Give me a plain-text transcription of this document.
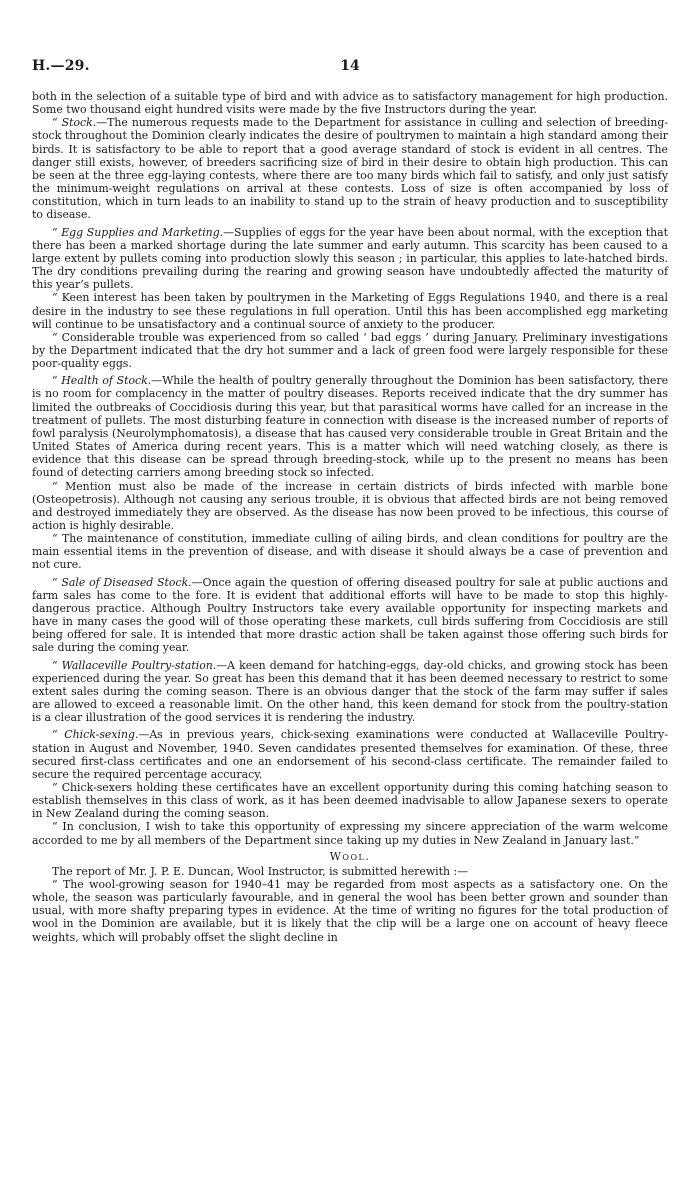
H.—29.	14

both in the selection of a suitable type of bird and with advice as to satisfactory management for high production. Some two thousand eight hundred visits were made by the five Instructors during the year.

“ Stock.—The numerous requests made to the Department for assistance in culling and selection of breeding-stock throughout the Dominion clearly indicates the desire of poultrymen to maintain a high standard among their birds. It is satisfactory to be able to report that a good average standard of stock is evident in all centres. The danger still exists, however, of breeders sacrificing size of bird in their desire to obtain high production. This can be seen at the three egg-laying contests, where there are too many birds which fail to satisfy, and only just satisfy the minimum-weight regulations on arrival at these contests. Loss of size is often accompanied by loss of constitution, which in turn leads to an inability to stand up to the strain of heavy production and to susceptibility to disease.

“ Egg Supplies and Marketing.—Supplies of eggs for the year have been about normal, with the exception that there has been a marked shortage during the late summer and early autumn. This scarcity has been caused to a large extent by pullets coming into production slowly this season ; in particular, this applies to late-hatched birds. The dry conditions prevailing during the rearing and growing season have undoubtedly affected the maturity of this year’s pullets.

“ Keen interest has been taken by poultrymen in the Marketing of Eggs Regulations 1940, and there is a real desire in the industry to see these regulations in full operation. Until this has been accomplished egg marketing will continue to be unsatisfactory and a continual source of anxiety to the producer.

“ Considerable trouble was experienced from so called ‘ bad eggs ’ during January. Preliminary investigations by the Department indicated that the dry hot summer and a lack of green food were largely responsible for these poor-quality eggs.

“ Health of Stock.—While the health of poultry generally throughout the Dominion has been satisfactory, there is no room for complacency in the matter of poultry diseases. Reports received indicate that the dry summer has limited the outbreaks of Coccidiosis during this year, but that parasitical worms have called for an increase in the treatment of pullets. The most disturbing feature in connection with disease is the increased number of reports of fowl paralysis (Neurolymphomatosis), a disease that has caused very considerable trouble in Great Britain and the United States of America during recent years. This is a matter which will need watching closely, as there is evidence that this disease can be spread through breeding-stock, while up to the present no means has been found of detecting carriers among breeding stock so infected.

“ Mention must also be made of the increase in certain districts of birds infected with marble bone (Osteopetrosis). Although not causing any serious trouble, it is obvious that affected birds are not being removed and destroyed immediately they are observed. As the disease has now been proved to be infectious, this course of action is highly desirable.

“ The maintenance of constitution, immediate culling of ailing birds, and clean conditions for poultry are the main essential items in the prevention of disease, and with disease it should always be a case of prevention and not cure.

“ Sale of Diseased Stock.—Once again the question of offering diseased poultry for sale at public auctions and farm sales has come to the fore. It is evident that additional efforts will have to be made to stop this highly-dangerous practice. Although Poultry Instructors take every available opportunity for inspecting markets and have in many cases the good will of those operating these markets, cull birds suffering from Coccidiosis are still being offered for sale. It is intended that more drastic action shall be taken against those offering such birds for sale during the coming year.

“ Wallaceville Poultry-station.—A keen demand for hatching-eggs, day-old chicks, and growing stock has been experienced during the year. So great has been this demand that it has been deemed necessary to restrict to some extent sales during the coming season. There is an obvious danger that the stock of the farm may suffer if sales are allowed to exceed a reasonable limit. On the other hand, this keen demand for stock from the poultry-station is a clear illustration of the good services it is rendering the industry.

“ Chick-sexing.—As in previous years, chick-sexing examinations were conducted at Wallaceville Poultry-station in August and November, 1940. Seven candidates presented themselves for examination. Of these, three secured first-class certificates and one an endorsement of his second-class certificate. The remainder failed to secure the required percentage accuracy.

“ Chick-sexers holding these certificates have an excellent opportunity during this coming hatching season to establish themselves in this class of work, as it has been deemed inadvisable to allow Japanese sexers to operate in New Zealand during the coming season.

“ In conclusion, I wish to take this opportunity of expressing my sincere appreciation of the warm welcome accorded to me by all members of the Department since taking up my duties in New Zealand in January last.”

Wool.

The report of Mr. J. P. E. Duncan, Wool Instructor, is submitted herewith :—

“ The wool-growing season for 1940–41 may be regarded from most aspects as a satisfactory one. On the whole, the season was particularly favourable, and in general the wool has been better grown and sounder than usual, with more shafty preparing types in evidence. At the time of writing no figures for the total production of wool in the Dominion are available, but it is likely that the clip will be a large one on account of heavy fleece weights, which will probably offset the slight decline in
